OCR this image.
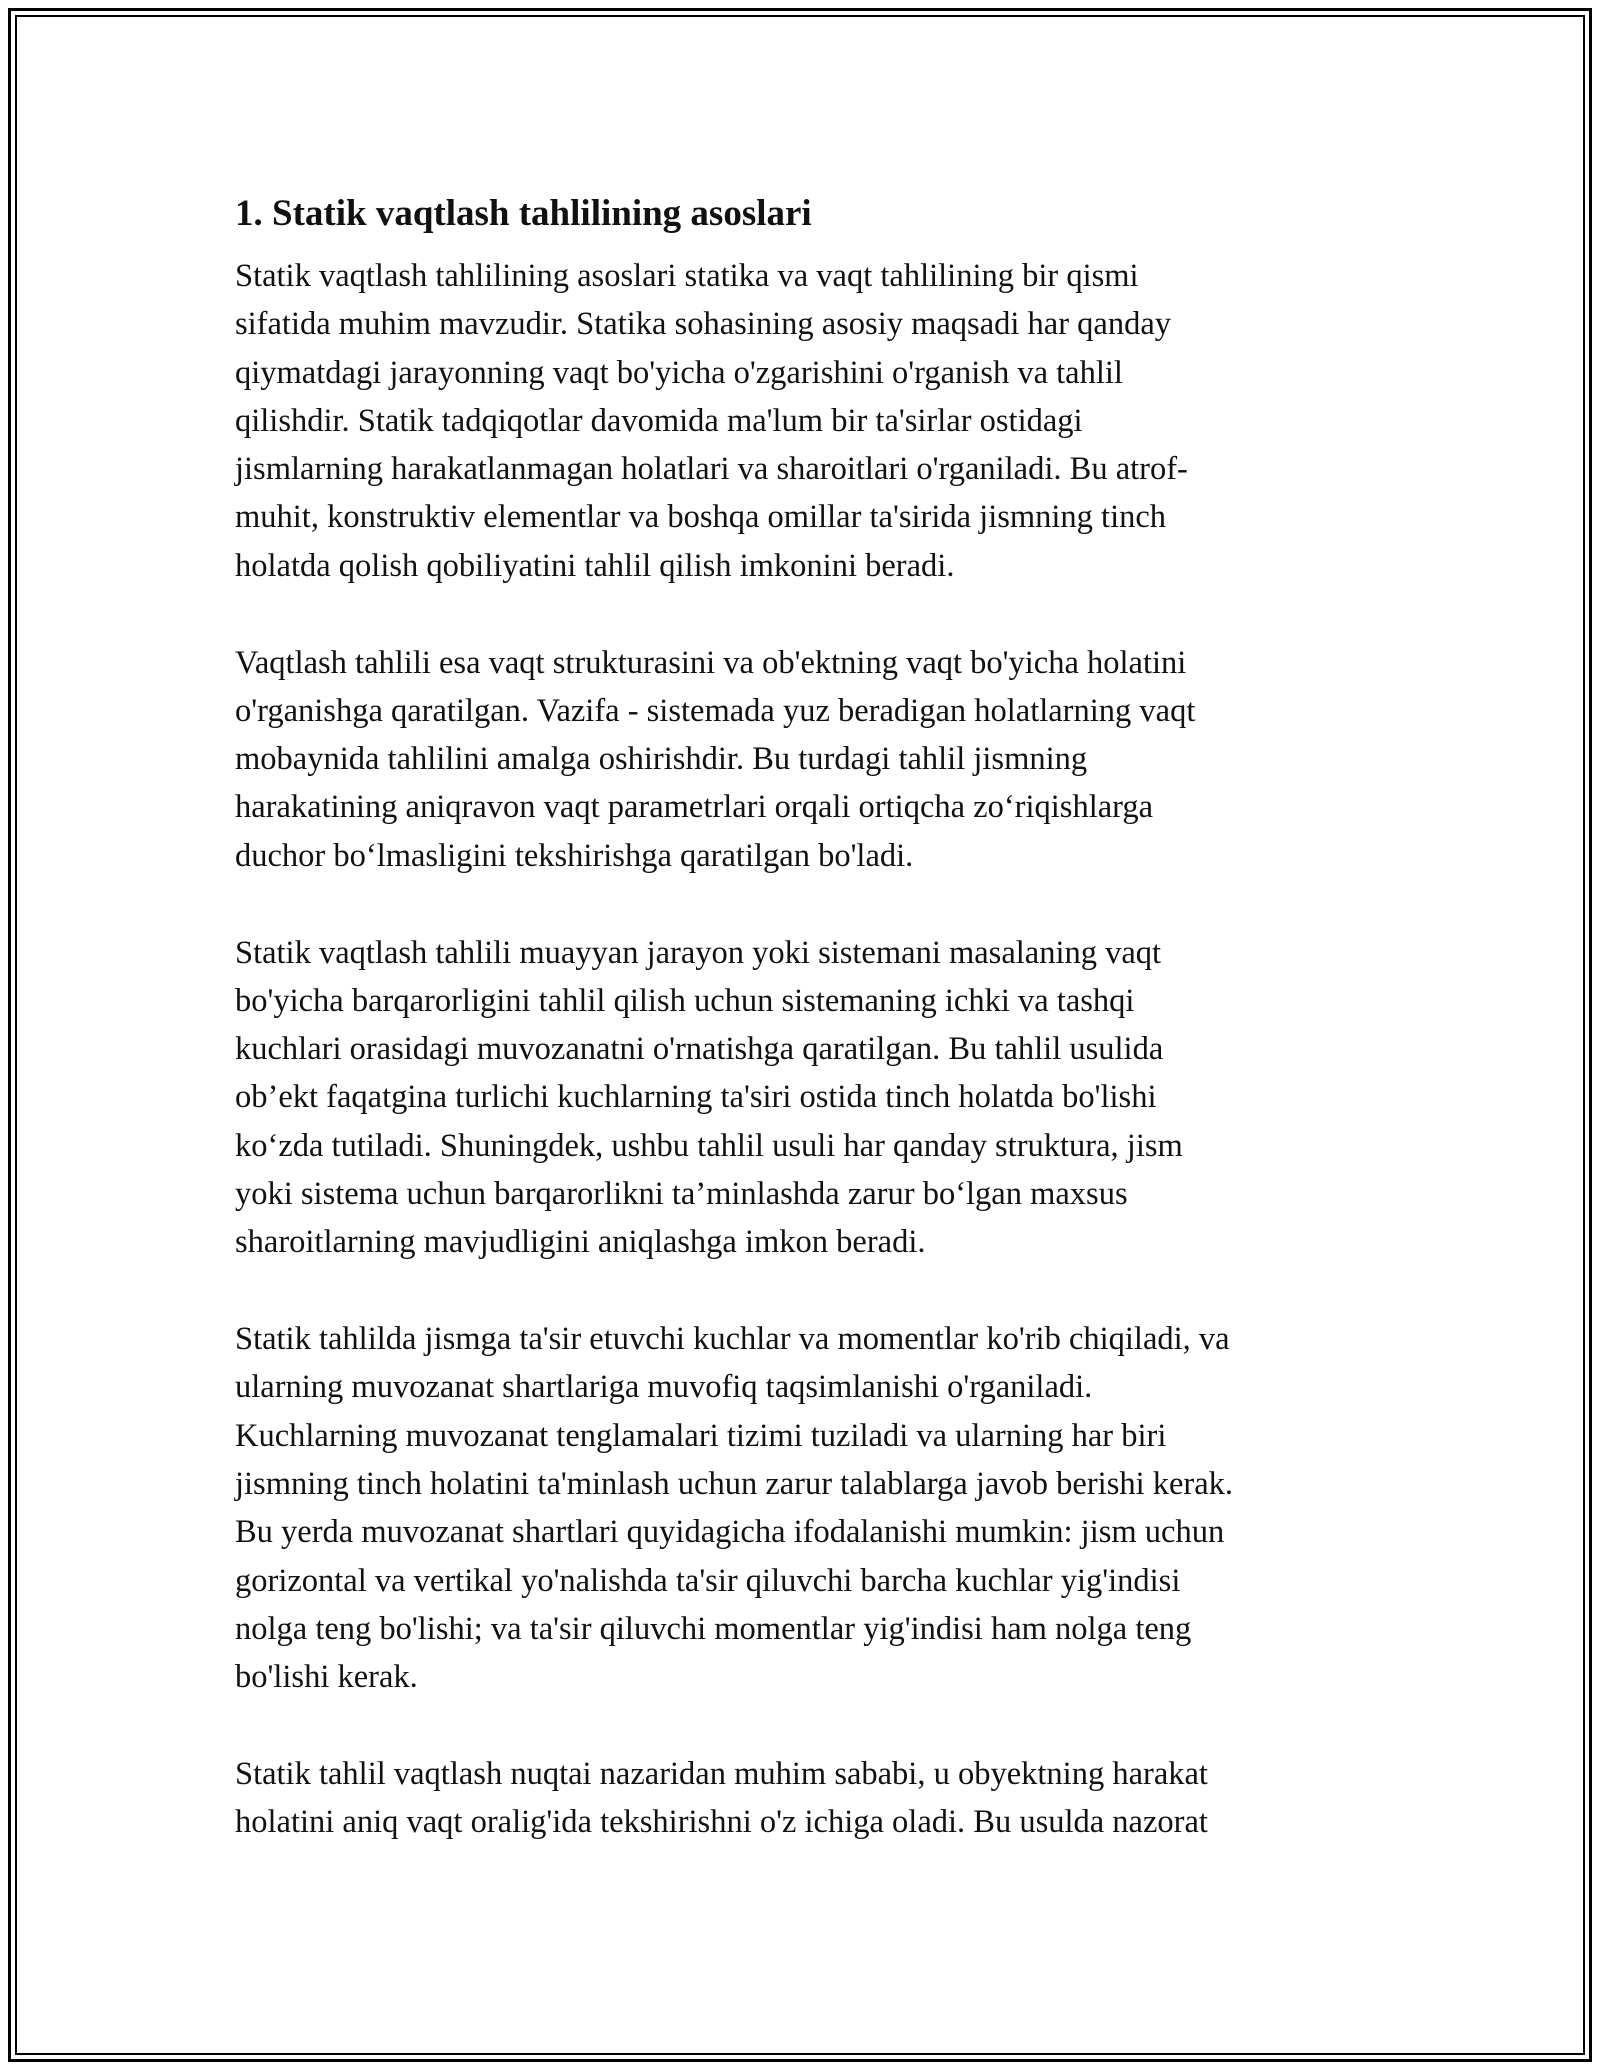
1. Statik vaqtlash tahlilining asoslari

Statik vaqtlash tahlilining asoslari statika va vaqt tahlilining bir qismi
sifatida muhim mavzudir. Statika sohasining asosiy maqsadi har qanday
qiymatdagi jarayonning vaqt bo'yicha o'zgarishini o'rganish va tahlil
qilishdir. Statik tadqiqotlar davomida ma'lum bir ta'sirlar ostidagi
jismlarning harakatlanmagan holatlari va sharoitlari o'rganiladi. Bu atrof-
muhit, konstruktiv elementlar va boshqa omillar ta'sirida jismning tinch
holatda qolish qobiliyatini tahlil qilish imkonini beradi.

Vaqtlash tahlili esa vaqt strukturasini va ob'ektning vaqt bo'yicha holatini
o'rganishga qaratilgan. Vazifa - sistemada yuz beradigan holatlarning vaqt
mobaynida tahlilini amalga oshirishdir. Bu turdagi tahlil jismning
harakatining aniqravon vaqt parametrlari orqali ortiqcha zo‘riqishlarga
duchor bo‘lmasligini tekshirishga qaratilgan bo'ladi.

Statik vaqtlash tahlili muayyan jarayon yoki sistemani masalaning vaqt
bo'yicha barqarorligini tahlil qilish uchun sistemaning ichki va tashqi
kuchlari orasidagi muvozanatni o'rnatishga qaratilgan. Bu tahlil usulida
ob’ekt faqatgina turlichi kuchlarning ta'siri ostida tinch holatda bo'lishi
ko‘zda tutiladi. Shuningdek, ushbu tahlil usuli har qanday struktura, jism
yoki sistema uchun barqarorlikni ta’minlashda zarur bo‘lgan maxsus
sharoitlarning mavjudligini aniqlashga imkon beradi.

Statik tahlilda jismga ta'sir etuvchi kuchlar va momentlar ko'rib chiqiladi, va
ularning muvozanat shartlariga muvofiq taqsimlanishi o'rganiladi.
Kuchlarning muvozanat tenglamalari tizimi tuziladi va ularning har biri
jismning tinch holatini ta'minlash uchun zarur talablarga javob berishi kerak.
Bu yerda muvozanat shartlari quyidagicha ifodalanishi mumkin: jism uchun
gorizontal va vertikal yo'nalishda ta'sir qiluvchi barcha kuchlar yig'indisi
nolga teng bo'lishi; va ta'sir qiluvchi momentlar yig'indisi ham nolga teng
bo'lishi kerak.

Statik tahlil vaqtlash nuqtai nazaridan muhim sababi, u obyektning harakat
holatini aniq vaqt oralig'ida tekshirishni o'z ichiga oladi. Bu usulda nazorat
